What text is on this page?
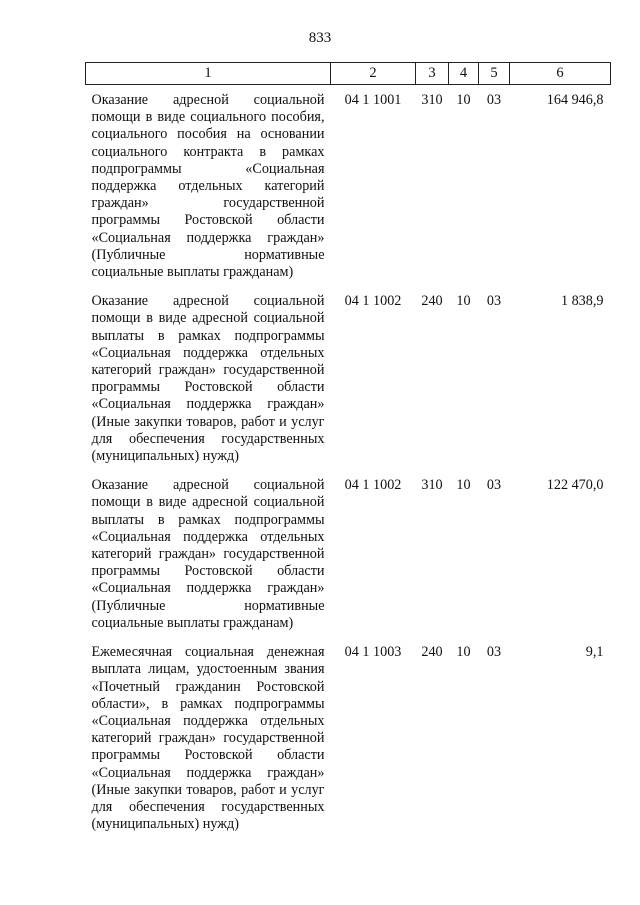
833
1	2	3	4	5	6
Оказание адресной социальной помощи в виде социального пособия, социального пособия на основании социального контракта в рамках подпрограммы «Социальная поддержка отдельных категорий граждан» государственной программы Ростовской области «Социальная поддержка граждан» (Публичные нормативные социальные выплаты гражданам)	04 1 1001	310	10	03	164 946,8
Оказание адресной социальной помощи в виде адресной социальной выплаты в рамках подпрограммы «Социальная поддержка отдельных категорий граждан» государственной программы Ростовской области «Социальная поддержка граждан» (Иные закупки товаров, работ и услуг для обеспечения государственных (муниципальных) нужд)	04 1 1002	240	10	03	1 838,9
Оказание адресной социальной помощи в виде адресной социальной выплаты в рамках подпрограммы «Социальная поддержка отдельных категорий граждан» государственной программы Ростовской области «Социальная поддержка граждан» (Публичные нормативные социальные выплаты гражданам)	04 1 1002	310	10	03	122 470,0
Ежемесячная социальная денежная выплата лицам, удостоенным звания «Почетный гражданин Ростовской области», в рамках подпрограммы «Социальная поддержка отдельных категорий граждан» государственной программы Ростовской области «Социальная поддержка граждан» (Иные закупки товаров, работ и услуг для обеспечения государственных (муниципальных) нужд)	04 1 1003	240	10	03	9,1
